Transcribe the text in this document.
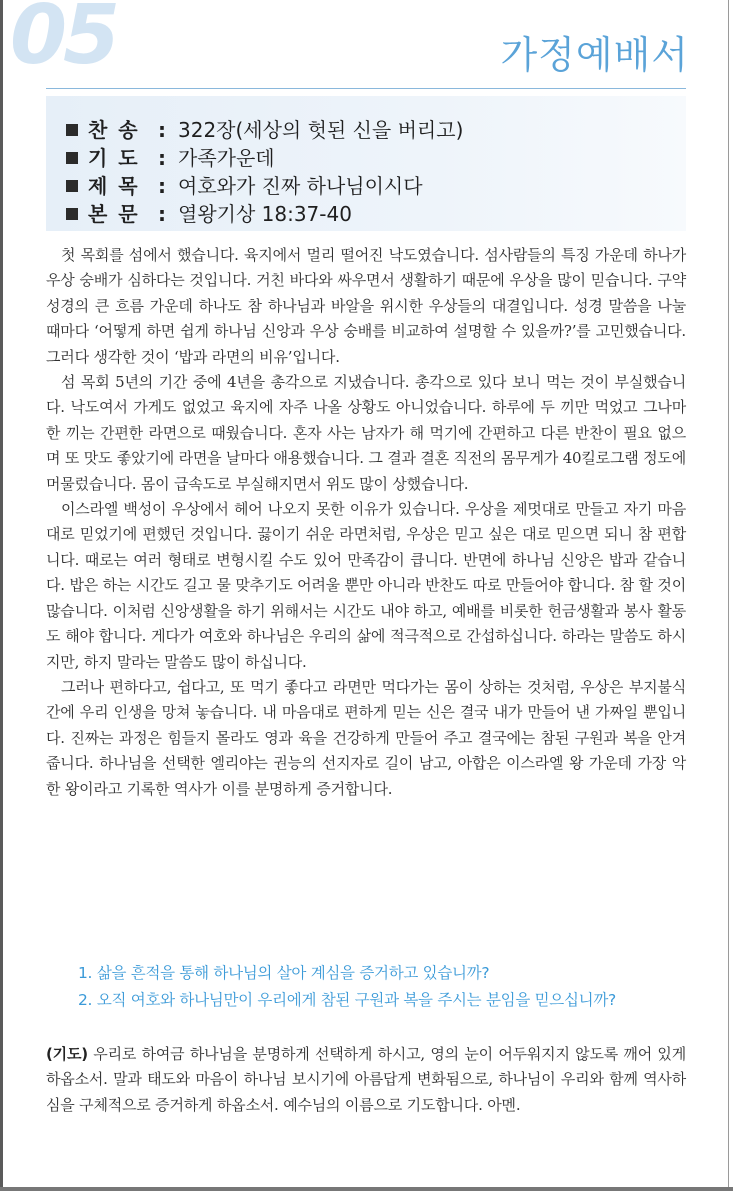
05	가정예배서
찬 송 : 322장(세상의 헛된 신을 버리고)
기 도 : 가족가운데
제 목 : 여호와가 진짜 하나님이시다
본 문 : 열왕기상 18:37-40

첫 목회를 섬에서 했습니다. 육지에서 멀리 떨어진 낙도였습니다. 섬사람들의 특징 가운데 하나가 우상 숭배가 심하다는 것입니다. 거친 바다와 싸우면서 생활하기 때문에 우상을 많이 믿습니다. 구약 성경의 큰 흐름 가운데 하나도 참 하나님과 바알을 위시한 우상들의 대결입니다. 성경 말씀을 나눌 때마다 ‘어떻게 하면 쉽게 하나님 신앙과 우상 숭배를 비교하여 설명할 수 있을까?’를 고민했습니다. 그러다 생각한 것이 ‘밥과 라면의 비유’입니다.

섬 목회 5년의 기간 중에 4년을 총각으로 지냈습니다. 총각으로 있다 보니 먹는 것이 부실했습니다. 낙도여서 가게도 없었고 육지에 자주 나올 상황도 아니었습니다. 하루에 두 끼만 먹었고 그나마 한 끼는 간편한 라면으로 때웠습니다. 혼자 사는 남자가 해 먹기에 간편하고 다른 반찬이 필요 없으며 또 맛도 좋았기에 라면을 날마다 애용했습니다. 그 결과 결혼 직전의 몸무게가 40킬로그램 정도에 머물렀습니다. 몸이 급속도로 부실해지면서 위도 많이 상했습니다.

이스라엘 백성이 우상에서 헤어 나오지 못한 이유가 있습니다. 우상을 제멋대로 만들고 자기 마음대로 믿었기에 편했던 것입니다. 끓이기 쉬운 라면처럼, 우상은 믿고 싶은 대로 믿으면 되니 참 편합니다. 때로는 여러 형태로 변형시킬 수도 있어 만족감이 큽니다. 반면에 하나님 신앙은 밥과 같습니다. 밥은 하는 시간도 길고 물 맞추기도 어려울 뿐만 아니라 반찬도 따로 만들어야 합니다. 참 할 것이 많습니다. 이처럼 신앙생활을 하기 위해서는 시간도 내야 하고, 예배를 비롯한 헌금생활과 봉사 활동도 해야 합니다. 게다가 여호와 하나님은 우리의 삶에 적극적으로 간섭하십니다. 하라는 말씀도 하시지만, 하지 말라는 말씀도 많이 하십니다.

그러나 편하다고, 쉽다고, 또 먹기 좋다고 라면만 먹다가는 몸이 상하는 것처럼, 우상은 부지불식간에 우리 인생을 망쳐 놓습니다. 내 마음대로 편하게 믿는 신은 결국 내가 만들어 낸 가짜일 뿐입니다. 진짜는 과정은 힘들지 몰라도 영과 육을 건강하게 만들어 주고 결국에는 참된 구원과 복을 안겨 줍니다. 하나님을 선택한 엘리야는 권능의 선지자로 길이 남고, 아합은 이스라엘 왕 가운데 가장 악한 왕이라고 기록한 역사가 이를 분명하게 증거합니다.

1. 삶을 흔적을 통해 하나님의 살아 계심을 증거하고 있습니까?
2. 오직 여호와 하나님만이 우리에게 참된 구원과 복을 주시는 분임을 믿으십니까?
(기도) 우리로 하여금 하나님을 분명하게 선택하게 하시고, 영의 눈이 어두워지지 않도록 깨어 있게 하옵소서. 말과 태도와 마음이 하나님 보시기에 아름답게 변화됨으로, 하나님이 우리와 함께 역사하심을 구체적으로 증거하게 하옵소서. 예수님의 이름으로 기도합니다. 아멘.
